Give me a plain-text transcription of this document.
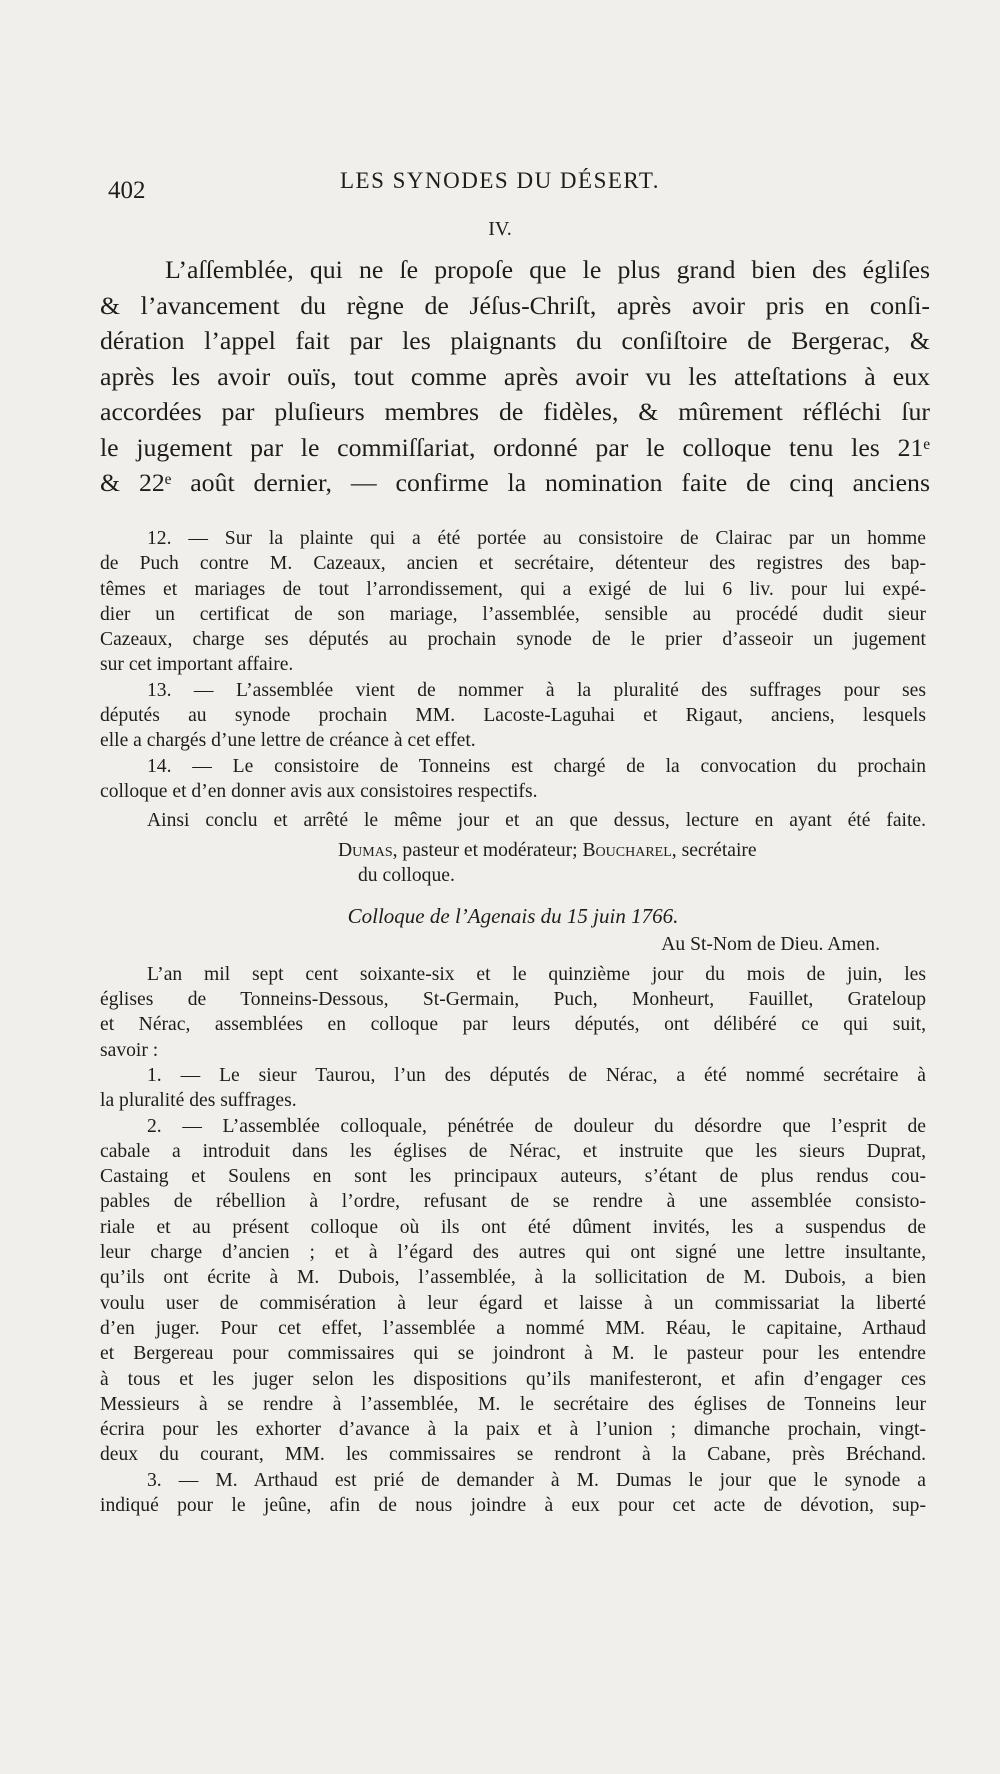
402	LES SYNODES DU DÉSERT.
IV.
L’aſſemblée, qui ne ſe propoſe que le plus grand bien des égliſes
& l’avancement du règne de Jéſus-Chriſt, après avoir pris en conſi-
dération l’appel fait par les plaignants du conſiſtoire de Bergerac, &
après les avoir ouïs, tout comme après avoir vu les atteſtations à eux
accordées par pluſieurs membres de fidèles, & mûrement réfléchi ſur
le jugement par le commiſſariat, ordonné par le colloque tenu les 21ᵉ
& 22ᵉ août dernier, — confirme la nomination faite de cinq anciens
12. — Sur la plainte qui a été portée au consistoire de Clairac par un homme
de Puch contre M. Cazeaux, ancien et secrétaire, détenteur des registres des bap-
têmes et mariages de tout l’arrondissement, qui a exigé de lui 6 liv. pour lui expé-
dier un certificat de son mariage, l’assemblée, sensible au procédé dudit sieur
Cazeaux, charge ses députés au prochain synode de le prier d’asseoir un jugement
sur cet important affaire.
13. — L’assemblée vient de nommer à la pluralité des suffrages pour ses
députés au synode prochain MM. Lacoste-Laguhai et Rigaut, anciens, lesquels
elle a chargés d’une lettre de créance à cet effet.
14. — Le consistoire de Tonneins est chargé de la convocation du prochain
colloque et d’en donner avis aux consistoires respectifs.
Ainsi conclu et arrêté le même jour et an que dessus, lecture en ayant été faite.
Dumas, pasteur et modérateur; Boucharel, secrétaire
du colloque.
Colloque de l’Agenais du 15 juin 1766.
Au St-Nom de Dieu. Amen.
L’an mil sept cent soixante-six et le quinzième jour du mois de juin, les
églises de Tonneins-Dessous, St-Germain, Puch, Monheurt, Fauillet, Grateloup
et Nérac, assemblées en colloque par leurs députés, ont délibéré ce qui suit,
savoir :
1. — Le sieur Taurou, l’un des députés de Nérac, a été nommé secrétaire à
la pluralité des suffrages.
2. — L’assemblée colloquale, pénétrée de douleur du désordre que l’esprit de
cabale a introduit dans les églises de Nérac, et instruite que les sieurs Duprat,
Castaing et Soulens en sont les principaux auteurs, s’étant de plus rendus cou-
pables de rébellion à l’ordre, refusant de se rendre à une assemblée consisto-
riale et au présent colloque où ils ont été dûment invités, les a suspendus de
leur charge d’ancien ; et à l’égard des autres qui ont signé une lettre insultante,
qu’ils ont écrite à M. Dubois, l’assemblée, à la sollicitation de M. Dubois, a bien
voulu user de commisération à leur égard et laisse à un commissariat la liberté
d’en juger. Pour cet effet, l’assemblée a nommé MM. Réau, le capitaine, Arthaud
et Bergereau pour commissaires qui se joindront à M. le pasteur pour les entendre
à tous et les juger selon les dispositions qu’ils manifesteront, et afin d’engager ces
Messieurs à se rendre à l’assemblée, M. le secrétaire des églises de Tonneins leur
écrira pour les exhorter d’avance à la paix et à l’union ; dimanche prochain, vingt-
deux du courant, MM. les commissaires se rendront à la Cabane, près Bréchand.
3. — M. Arthaud est prié de demander à M. Dumas le jour que le synode a
indiqué pour le jeûne, afin de nous joindre à eux pour cet acte de dévotion, sup-
